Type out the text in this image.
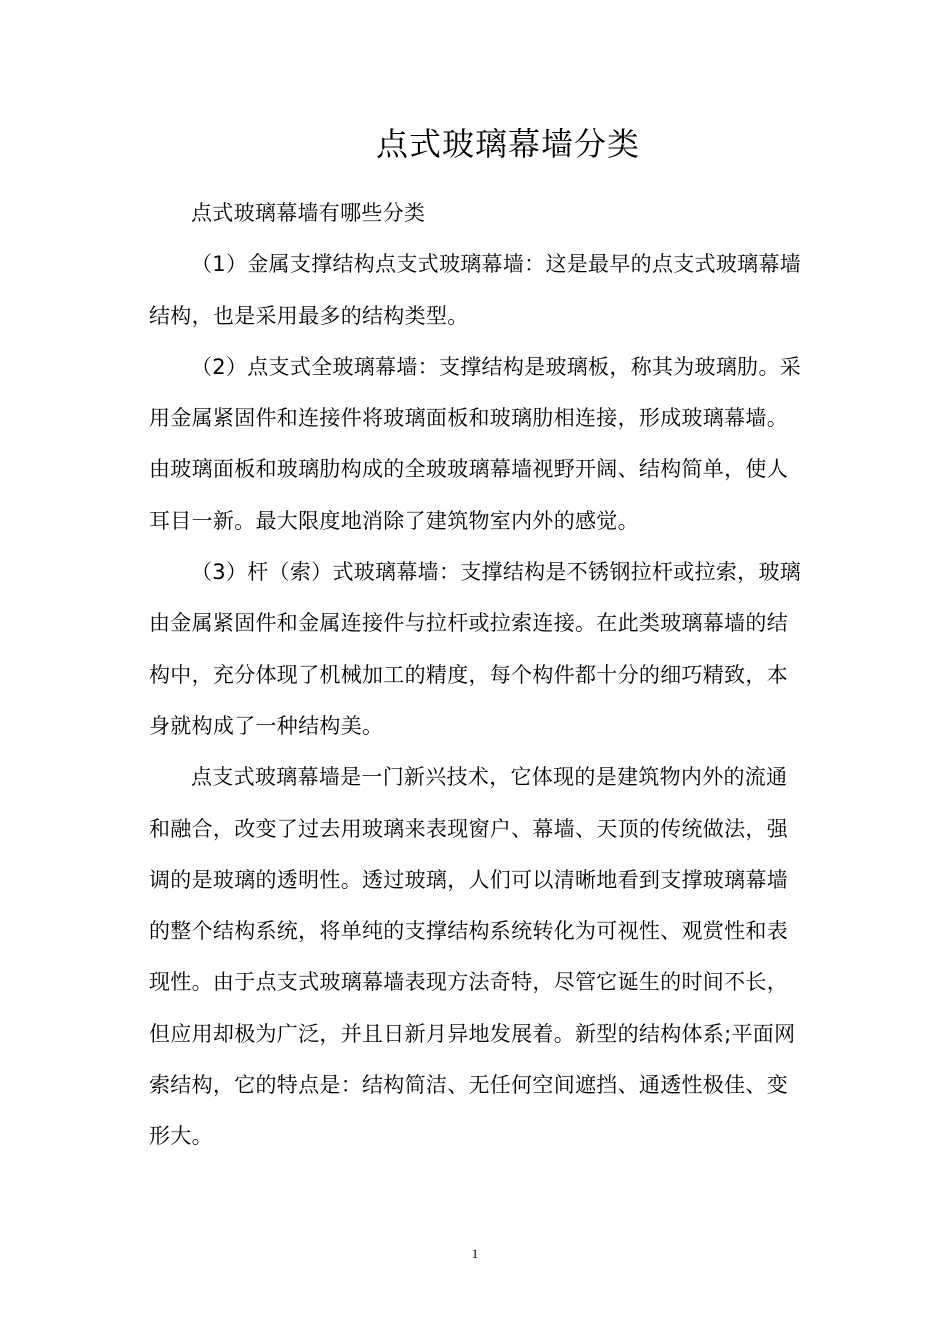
点式玻璃幕墙分类

点式玻璃幕墙有哪些分类

（1）金属支撑结构点支式玻璃幕墙：这是最早的点支式玻璃幕墙结构，也是采用最多的结构类型。

（2）点支式全玻璃幕墙：支撑结构是玻璃板，称其为玻璃肋。采用金属紧固件和连接件将玻璃面板和玻璃肋相连接，形成玻璃幕墙。由玻璃面板和玻璃肋构成的全玻玻璃幕墙视野开阔、结构简单，使人耳目一新。最大限度地消除了建筑物室内外的感觉。

（3）杆（索）式玻璃幕墙：支撑结构是不锈钢拉杆或拉索，玻璃由金属紧固件和金属连接件与拉杆或拉索连接。在此类玻璃幕墙的结构中，充分体现了机械加工的精度，每个构件都十分的细巧精致，本身就构成了一种结构美。

点支式玻璃幕墙是一门新兴技术，它体现的是建筑物内外的流通和融合，改变了过去用玻璃来表现窗户、幕墙、天顶的传统做法，强调的是玻璃的透明性。透过玻璃，人们可以清晰地看到支撑玻璃幕墙的整个结构系统，将单纯的支撑结构系统转化为可视性、观赏性和表现性。由于点支式玻璃幕墙表现方法奇特，尽管它诞生的时间不长，但应用却极为广泛，并且日新月异地发展着。新型的结构体系;平面网索结构，它的特点是：结构简洁、无任何空间遮挡、通透性极佳、变形大。

1
